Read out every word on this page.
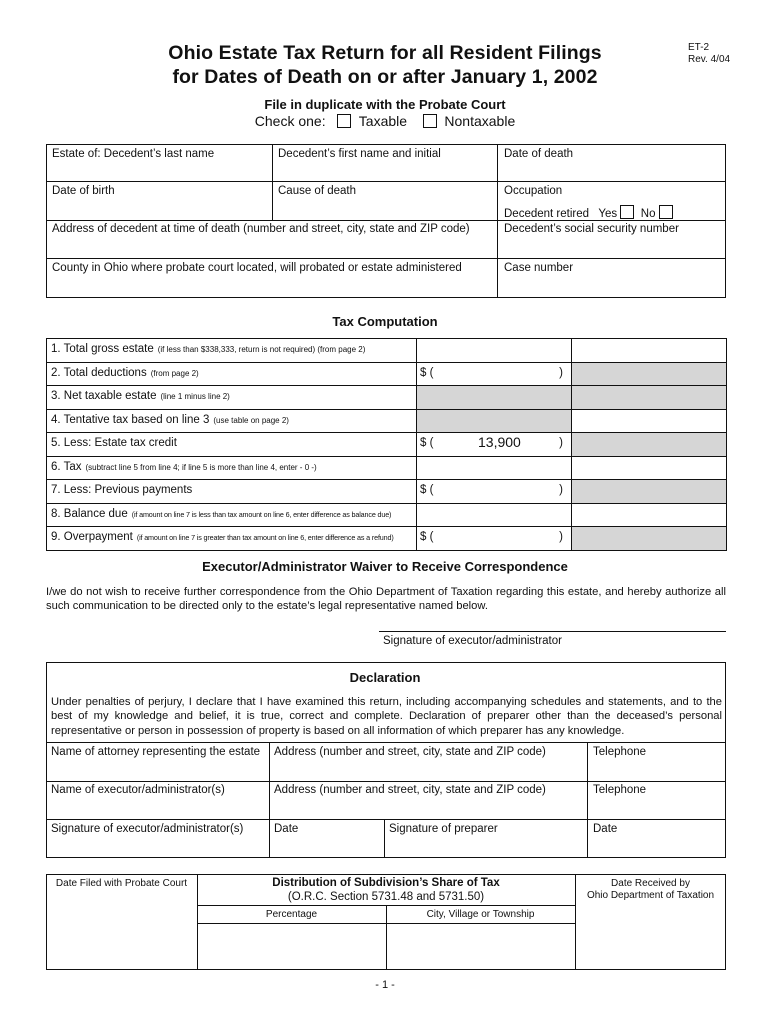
Ohio Estate Tax Return for all Resident Filings
for Dates of Death on or after January 1, 2002
ET-2
Rev. 4/04
File in duplicate with the Probate Court
Check one: Taxable	Nontaxable
Estate of: Decedent’s last name	Decedent’s first name and initial	Date of death
Date of birth	Cause of death	Occupation
Decedent retired Yes No
Address of decedent at time of death (number and street, city, state and ZIP code)	Decedent’s social security number
County in Ohio where probate court located, will probated or estate administered	Case number
Tax Computation
1. Total gross estate (if less than $338,333, return is not required) (from page 2)
2. Total deductions (from page 2)	$ (	)
3. Net taxable estate (line 1 minus line 2)
4. Tentative tax based on line 3 (use table on page 2)
5. Less: Estate tax credit	$ (	13,900	)
6. Tax (subtract line 5 from line 4; if line 5 is more than line 4, enter - 0 -)
7. Less: Previous payments	$ (	)
8. Balance due (if amount on line 7 is less than tax amount on line 6, enter difference as balance due)
9. Overpayment (if amount on line 7 is greater than tax amount on line 6, enter difference as a refund) $ (	)
Executor/Administrator Waiver to Receive Correspondence
I/we do not wish to receive further correspondence from the Ohio Department of Taxation regarding this estate, and hereby authorize all such communication to be directed only to the estate’s legal representative named below.
Signature of executor/administrator
Declaration
Under penalties of perjury, I declare that I have examined this return, including accompanying schedules and statements, and to the best of my knowledge and belief, it is true, correct and complete. Declaration of preparer other than the deceased’s personal representative or person in possession of property is based on all information of which preparer has any knowledge.
Name of attorney representing the estate Address (number and street, city, state and ZIP code)	Telephone
Name of executor/administrator(s)	Address (number and street, city, state and ZIP code)	Telephone
Signature of executor/administrator(s)	Date	Signature of preparer	Date
Date Filed with Probate Court	Distribution of Subdivision’s Share of Tax
(O.R.C. Section 5731.48 and 5731.50)
Percentage	City, Village or Township
Date Received by
Ohio Department of Taxation
- 1 -
